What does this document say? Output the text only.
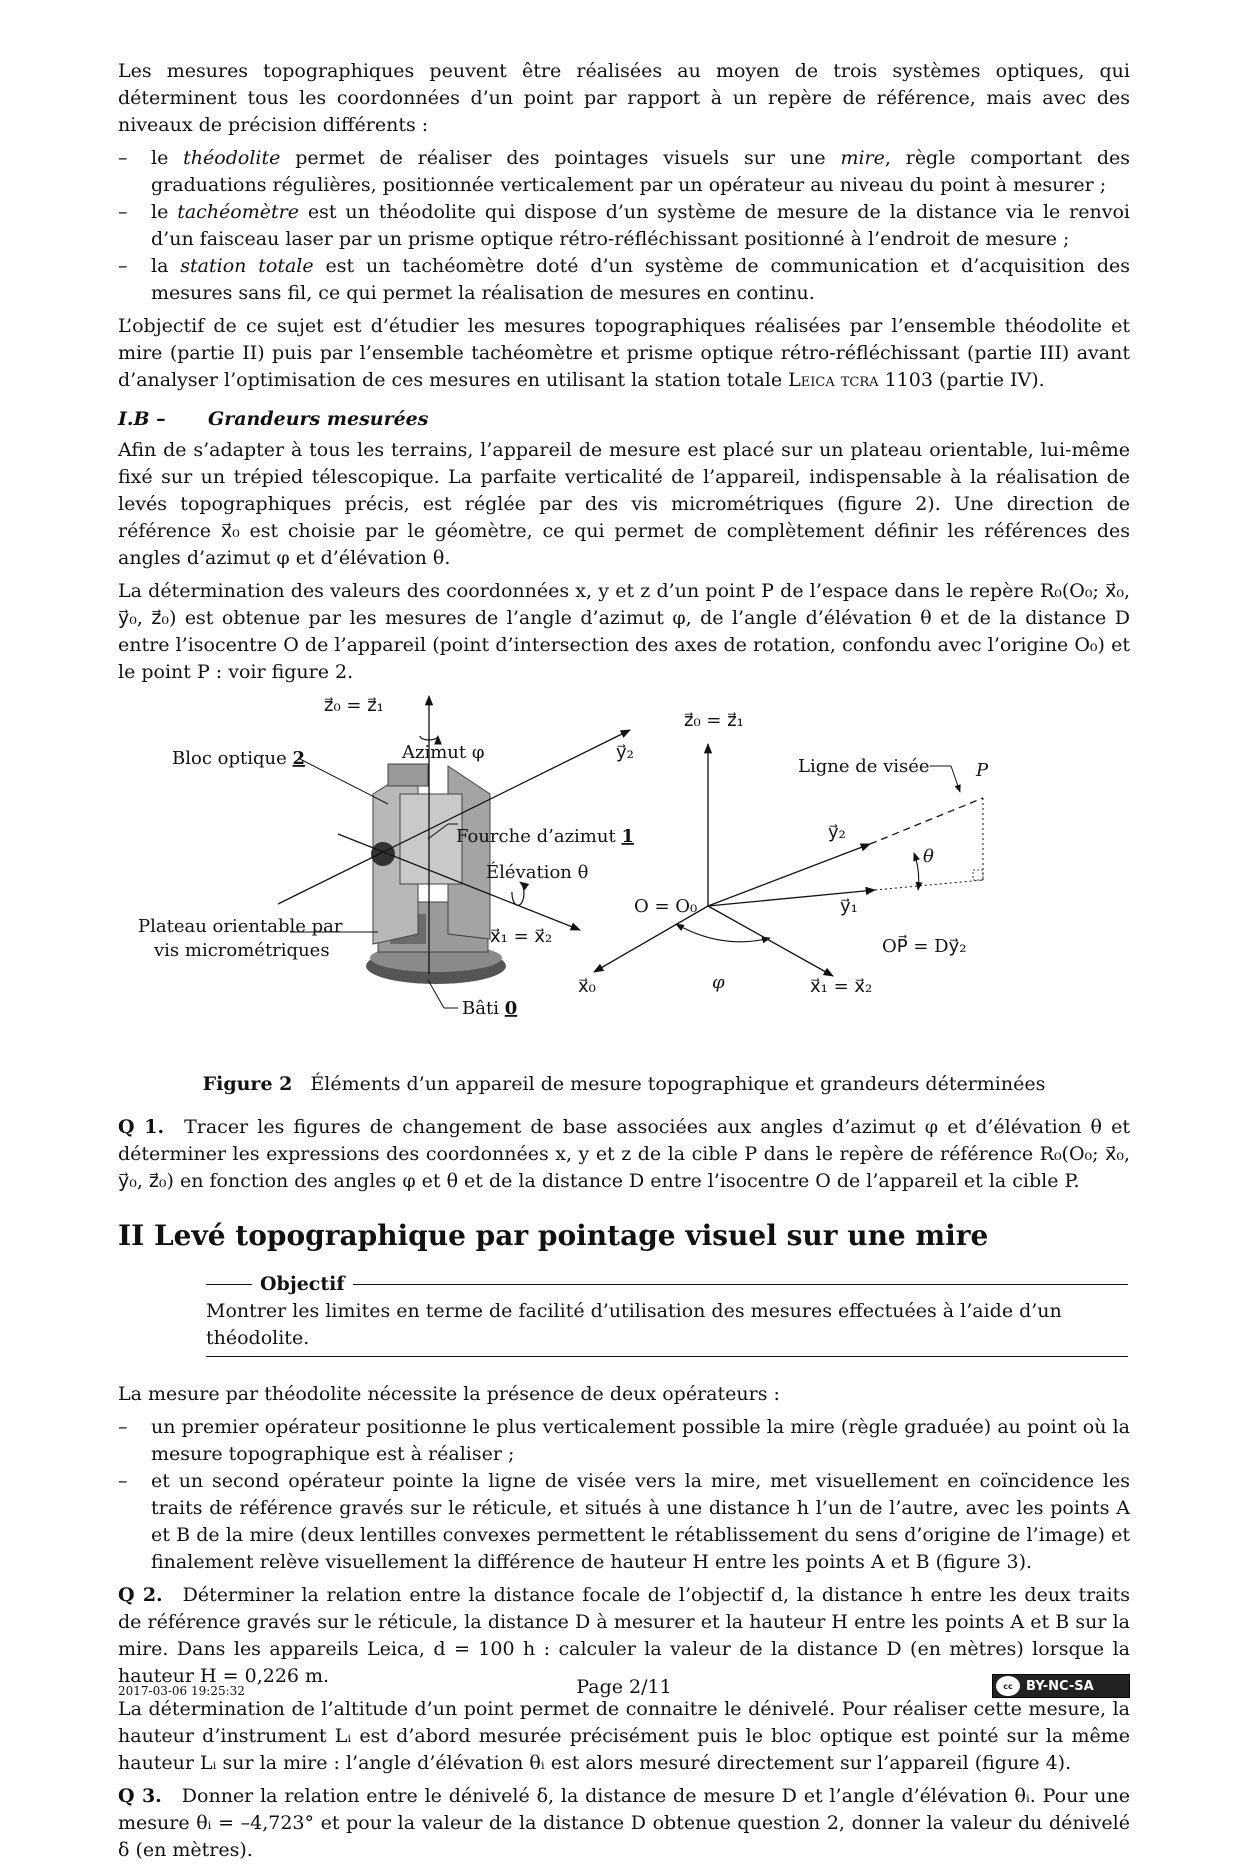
Les mesures topographiques peuvent être réalisées au moyen de trois systèmes optiques, qui déterminent tous les coordonnées d’un point par rapport à un repère de référence, mais avec des niveaux de précision différents :

– le théodolite permet de réaliser des pointages visuels sur une mire, règle comportant des graduations régulières, positionnée verticalement par un opérateur au niveau du point à mesurer ;
– le tachéomètre est un théodolite qui dispose d’un système de mesure de la distance via le renvoi d’un faisceau laser par un prisme optique rétro-réfléchissant positionné à l’endroit de mesure ;
– la station totale est un tachéomètre doté d’un système de communication et d’acquisition des mesures sans fil, ce qui permet la réalisation de mesures en continu.

L’objectif de ce sujet est d’étudier les mesures topographiques réalisées par l’ensemble théodolite et mire (partie II) puis par l’ensemble tachéomètre et prisme optique rétro-réfléchissant (partie III) avant d’analyser l’optimisation de ces mesures en utilisant la station totale Leica tcra 1103 (partie IV).

I.B – Grandeurs mesurées

Afin de s’adapter à tous les terrains, l’appareil de mesure est placé sur un plateau orientable, lui-même fixé sur un trépied télescopique. La parfaite verticalité de l’appareil, indispensable à la réalisation de levés topographiques précis, est réglée par des vis micrométriques (figure 2). Une direction de référence x⃗₀ est choisie par le géomètre, ce qui permet de complètement définir les références des angles d’azimut φ et d’élévation θ.

La détermination des valeurs des coordonnées x, y et z d’un point P de l’espace dans le repère R₀(O₀; x⃗₀, y⃗₀, z⃗₀) est obtenue par les mesures de l’angle d’azimut φ, de l’angle d’élévation θ et de la distance D entre l’isocentre O de l’appareil (point d’intersection des axes de rotation, confondu avec l’origine O₀) et le point P : voir figure 2.

z⃗₀ = z⃗₁
Azimut φ	y⃗₂
Bloc optique 2
Fourche d’azimut 1
Élévation θ
Plateau orientable par
vis micrométriques
x⃗₁ = x⃗₂
Bâti 0
z⃗₀ = z⃗₁
Ligne de visée	P
y⃗₂
θ
O = O₀	y⃗₁
OP⃗ = Dy⃗₂
x⃗₀	φ	x⃗₁ = x⃗₂
Figure 2 Éléments d’un appareil de mesure topographique et grandeurs déterminées

Q 1. Tracer les figures de changement de base associées aux angles d’azimut φ et d’élévation θ et déterminer les expressions des coordonnées x, y et z de la cible P dans le repère de référence R₀(O₀; x⃗₀, y⃗₀, z⃗₀) en fonction des angles φ et θ et de la distance D entre l’isocentre O de l’appareil et la cible P.

II Levé topographique par pointage visuel sur une mire
Objectif
Montrer les limites en terme de facilité d’utilisation des mesures effectuées à l’aide d’un théodolite.

La mesure par théodolite nécessite la présence de deux opérateurs :

– un premier opérateur positionne le plus verticalement possible la mire (règle graduée) au point où la mesure topographique est à réaliser ;
– et un second opérateur pointe la ligne de visée vers la mire, met visuellement en coïncidence les traits de référence gravés sur le réticule, et situés à une distance h l’un de l’autre, avec les points A et B de la mire (deux lentilles convexes permettent le rétablissement du sens d’origine de l’image) et finalement relève visuellement la différence de hauteur H entre les points A et B (figure 3).

Q 2. Déterminer la relation entre la distance focale de l’objectif d, la distance h entre les deux traits de référence gravés sur le réticule, la distance D à mesurer et la hauteur H entre les points A et B sur la mire. Dans les appareils Leica, d = 100 h : calculer la valeur de la distance D (en mètres) lorsque la hauteur H = 0,226 m.

La détermination de l’altitude d’un point permet de connaitre le dénivelé. Pour réaliser cette mesure, la hauteur d’instrument Lᵢ est d’abord mesurée précisément puis le bloc optique est pointé sur la même hauteur Lᵢ sur la mire : l’angle d’élévation θᵢ est alors mesuré directement sur l’appareil (figure 4).

Q 3. Donner la relation entre le dénivelé δ, la distance de mesure D et l’angle d’élévation θᵢ. Pour une mesure θᵢ = –4,723° et pour la valeur de la distance D obtenue question 2, donner la valeur du dénivelé δ (en mètres).

2017-03-06 19:25:32	Page 2/11	cc	BY-NC-SA
